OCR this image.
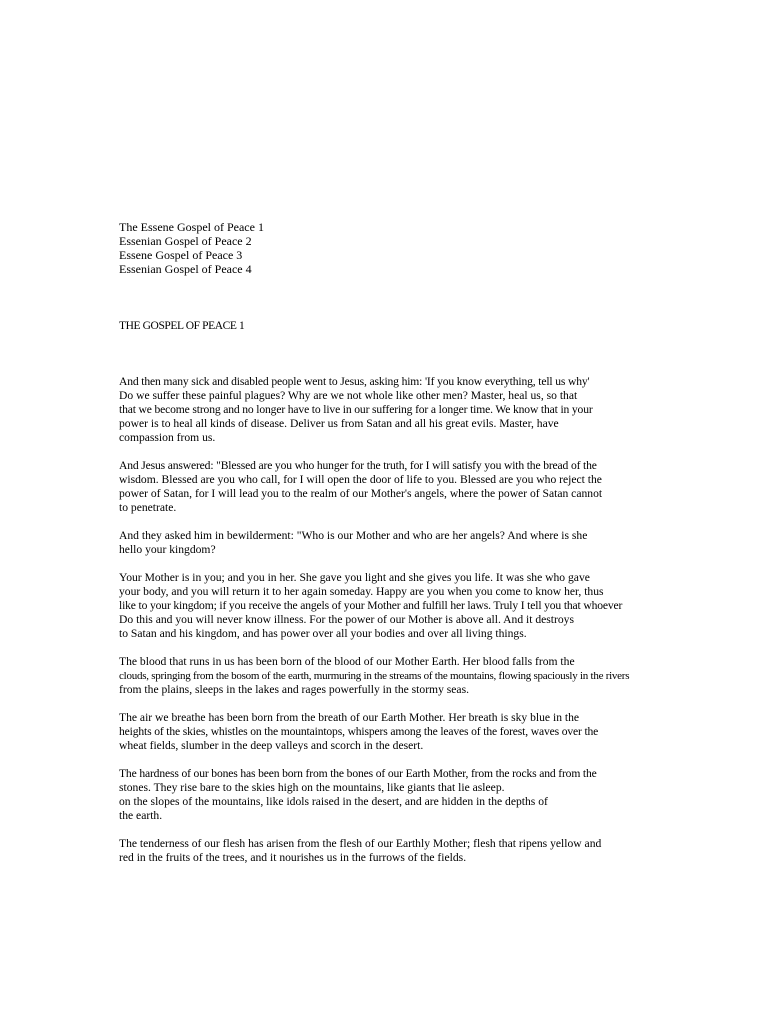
The Essene Gospel of Peace 1
Essenian Gospel of Peace 2
Essene Gospel of Peace 3
Essenian Gospel of Peace 4
THE GOSPEL OF PEACE 1
And then many sick and disabled people went to Jesus, asking him: 'If you know everything, tell us why'
Do we suffer these painful plagues? Why are we not whole like other men? Master, heal us, so that
that we become strong and no longer have to live in our suffering for a longer time. We know that in your
power is to heal all kinds of disease. Deliver us from Satan and all his great evils. Master, have
compassion from us.
And Jesus answered: "Blessed are you who hunger for the truth, for I will satisfy you with the bread of the
wisdom. Blessed are you who call, for I will open the door of life to you. Blessed are you who reject the
power of Satan, for I will lead you to the realm of our Mother's angels, where the power of Satan cannot
to penetrate.
And they asked him in bewilderment: "Who is our Mother and who are her angels? And where is she
hello your kingdom?
Your Mother is in you; and you in her. She gave you light and she gives you life. It was she who gave
your body, and you will return it to her again someday. Happy are you when you come to know her, thus
like to your kingdom; if you receive the angels of your Mother and fulfill her laws. Truly I tell you that whoever
Do this and you will never know illness. For the power of our Mother is above all. And it destroys
to Satan and his kingdom, and has power over all your bodies and over all living things.
The blood that runs in us has been born of the blood of our Mother Earth. Her blood falls from the
clouds, springing from the bosom of the earth, murmuring in the streams of the mountains, flowing spaciously in the rivers
from the plains, sleeps in the lakes and rages powerfully in the stormy seas.
The air we breathe has been born from the breath of our Earth Mother. Her breath is sky blue in the
heights of the skies, whistles on the mountaintops, whispers among the leaves of the forest, waves over the
wheat fields, slumber in the deep valleys and scorch in the desert.
The hardness of our bones has been born from the bones of our Earth Mother, from the rocks and from the
stones. They rise bare to the skies high on the mountains, like giants that lie asleep.
on the slopes of the mountains, like idols raised in the desert, and are hidden in the depths of
the earth.
The tenderness of our flesh has arisen from the flesh of our Earthly Mother; flesh that ripens yellow and
red in the fruits of the trees, and it nourishes us in the furrows of the fields.
